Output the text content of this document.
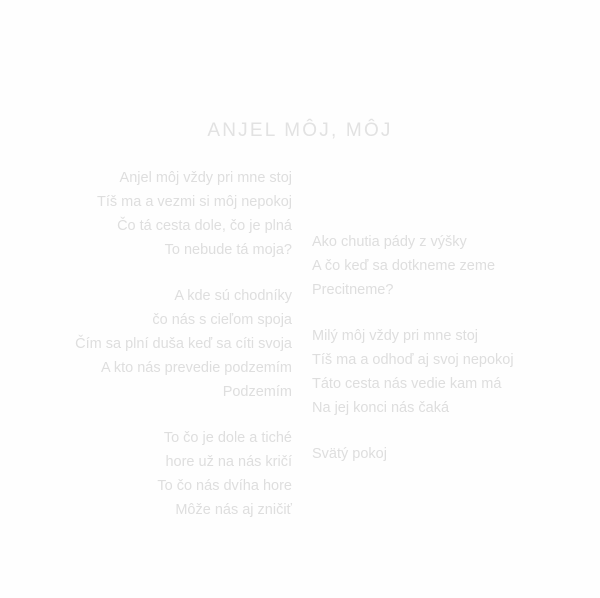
ANJEL MÔJ, MÔJ
Anjel môj vždy pri mne stoj
Tíš ma a vezmi si môj nepokoj
Čo tá cesta dole, čo je plná
To nebude tá moja?
A kde sú chodníky
čo nás s cieľom spoja
Čím sa plní duša keď sa cíti svoja
A kto nás prevedie podzemím
Podzemím
To čo je dole a tiché
hore už na nás kričí
To čo nás dvíha hore
Môže nás aj zničiť
Ako chutia pády z výšky
A čo keď sa dotkneme zeme
Precitneme?
Milý môj vždy pri mne stoj
Tíš ma a odhoď aj svoj nepokoj
Táto cesta nás vedie kam má
Na jej konci nás čaká
Svätý pokoj
